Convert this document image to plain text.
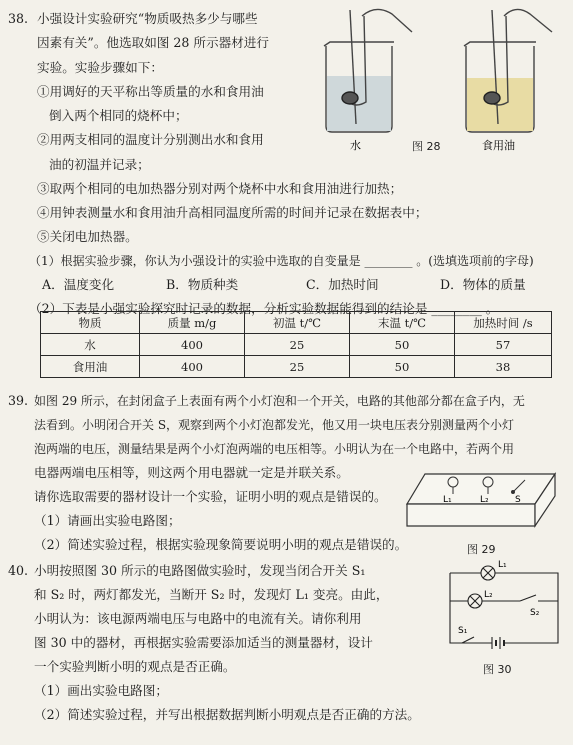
38. 小强设计实验研究“物质吸热多少与哪些
因素有关”。他选取如图 28 所示器材进行
实验。实验步骤如下：
①用调好的天平称出等质量的水和食用油
倒入两个相同的烧杯中；
②用两支相同的温度计分别测出水和食用
油的初温并记录；
③取两个相同的电加热器分别对两个烧杯中水和食用油进行加热；
④用钟表测量水和食用油升高相同温度所需的时间并记录在数据表中；
⑤关闭电加热器。
（1）根据实验步骤，你认为小强设计的实验中选取的自变量是 ________ 。(选填选项前的字母)
A．温度变化	B．物质种类	C．加热时间	D．物体的质量
（2）下表是小强实验探究时记录的数据，分析实验数据能得到的结论是 ________ 。
水	食用油
图 28
物质	质量 m/g	初温 t/℃	末温 t/℃	加热时间 /s
水	400	25	50	57
食用油	400	25	50	38
39. 如图 29 所示，在封闭盒子上表面有两个小灯泡和一个开关，电路的其他部分都在盒子内，无
法看到。小明闭合开关 S，观察到两个小灯泡都发光，他又用一块电压表分别测量两个小灯
泡两端的电压，测量结果是两个小灯泡两端的电压相等。小明认为在一个电路中，若两个用
电器两端电压相等，则这两个用电器就一定是并联关系。
请你选取需要的器材设计一个实验，证明小明的观点是错误的。
（1）请画出实验电路图；
（2）简述实验过程，根据实验现象简要说明小明的观点是错误的。
L₁	L₂	S
图 29
40. 小明按照图 30 所示的电路图做实验时，发现当闭合开关 S₁
和 S₂ 时，两灯都发光，当断开 S₂ 时，发现灯 L₁ 变亮。由此，
小明认为：该电源两端电压与电路中的电流有关。请你利用
图 30 中的器材，再根据实验需要添加适当的测量器材，设计
一个实验判断小明的观点是否正确。
（1）画出实验电路图；
（2）简述实验过程，并写出根据数据判断小明观点是否正确的方法。
L₁
L₂
S₂
S₁
图 30
